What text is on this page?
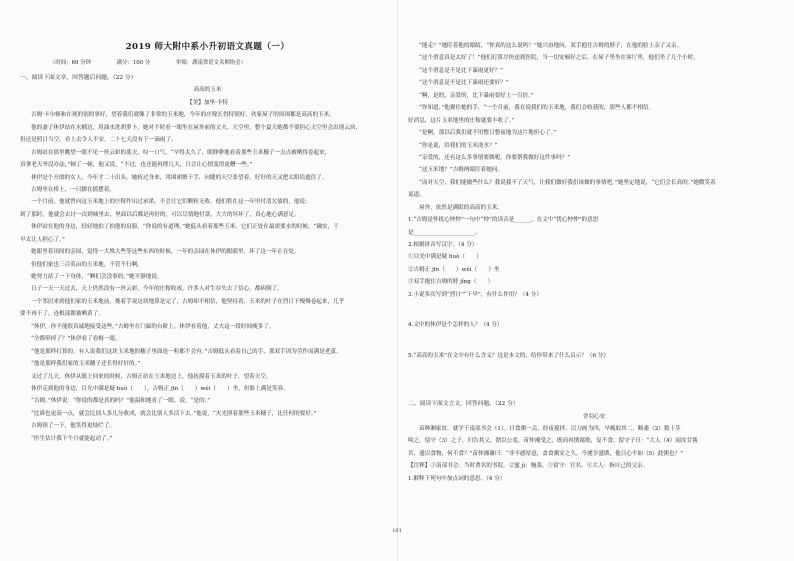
2019 师大附中系小升初语文真题（一）
（时间：60 分钟	满分：100 分	审阅：湖南省语文名师协会）
一、阅读下面文章，回答题后问题。（22 分）
高高的玉米
【美】加里·卡特
吉姆·卡尔顿和在现的别的事好，望着我们就像了非常的玉米地，今年的庄稼长得特别好，伙家屋子的周围都是高高的玉米。
他的妻子休伊站在水桶边，用油水洗胡萝卜。她对不时看一眼坐在屋外前的丈夫。天空里，整个夏天她都不要担心天空里会出现云块，
但还是照日当空，看上去令人不安。二十七天没有下一滴雨了。
吉姆站在那里眺望一眼不见一丝云彩的蓝天，叹一口气，“早得太久了，眼睁睁地看着那些玉米穗子一点点被晒得卷起来，
真拿老天爷没办法，”顿了一顿，他又说，“不过，也还能再撑几天，只会让心情变得更糟一些。”
休伊是个开朗的女人，今年才二十出头，她转过身来，用围裙擦干手，向缝的天空张望着，好好的天又把太阳给遮住了。
吉姆坐在桥上，一只脚在摇摆着。
一个月前，他就曾向这玉米地上的庄稼作出过承诺，不会让它们颗粒无收。他们将在这一年里付清欠债的，他说：
到了那时，他就会去讨一次到城里去，里面以后都是再好的，可以尽情地付款，大大的坏坏了，真心地心满意足。
休伊站在他的身边，轻轻地拍了拍他的肩膀，“你说的有道理。”她低头看着那些玉米，它们正处在最需要水的时候，“确实，干
早太让人担心了。”
她眼里着田间的亲园，觉得一大堆大些等这些东西的时候，一年的亲园在休伊的眼睛里，坏了这一年正在处。
但他们家也三百英亩的玉米地，不管不行啊。
她努力站了一下身体，“啊们会没事的。”她平静地说。
日子一天一天过去，天上仍然没有一丝云彩，今年的庄稼收成，许多人对生存失去了信心，都病倒了。
一个邻居来到他们家的玉米地前，挽着手说这块地算是完了，吉姆却不相信，他坚持着，玉米的叶子在烈日下慢慢卷起来，几乎
要不再干了，连根部都被晒黄了。
“休伊，你不能很真诚地接受这些。”吉姆坐在门廊的台阶上，休伊看着他，丈夫这一段时间瘦多了。
“全都晕掉了？”休伊看了看姆一眼。
“他是那样打算的，有人说我们这块玉米地的穗子里面连一粒都不会有。”吉姆低头看着自己的手，那双手因为劳作而满是老茧。
“他是那样我们家的玉米穗子还长得好好的。”
又过了几天，休伊从镇上回来的时候，吉姆正站在玉米地边上，他抚摸着玉米的叶子，望着天空。
休伊走到他的身边，目光中满是疑 huò（　　），吉姆正 jīn（　　）wéi（　　）坐，但脸上满是笑容。
“吉姆，”休伊说：“你说的都是真的吗？”他温和地看了一眼，说，“是的。”
“比谁也更高一点，就会比别人多几分收成，就会比别人多活下去。”他说，“火光照着那些玉米穗子，比任何的要好。”
吉姆领了一下，他笑得更灿烂了。
“医生估计我下个月就能起动了。”
“能走？”她盯着他的眼睛，“你真的这么说吗？”她兴奋地问，双手抱住吉姆的脖子，在他的脸上亲了又亲。
“这个消息真是太好了！”他们打算尽快送到医院，当一切安顿好之后，在屋子里坐在客厅里，他们坐了几个小时。
“这个消息是不是比下暴雨更好？”
“这个消息是不是比下暴雨还要好？”
“啊，是的，亲爱的，比下暴雨要好上一百倍。”
“你知道，”他握住她的手，“一个月前，我在说我们的玉米地，我们会收获的，那些人都不相信。
好消息，这片玉米地里的庄稼就要丰收了。”
“是啊，那以后我们就不用整日整夜地为这片地担心了。”
“你是说，给我们的玉米浇水？”
“亲爱的，还有这么多事情要做呢，你要帮我做好这件事吗？”
“这玉米地？”吉姆两眼盯着她问。
“而对天空，我们能做些什么？我说我不了天气，让我们做好我们该做的事情吧。”她坚定地说，“它们会长高的。”她微笑着
说道。
屋外，依然是满眼的高高的玉米。
1.“吉姆是怀扰心忡忡”一句中“忡”的读音是______，在文中“忧心忡忡”的意思
是______________________。
2.根据拼音写汉字。（4 分）
①目光中满是疑 huò（　　）
②吉姆正 jīn（　　）wéi（　　）坐
③双手抱住吉姆的脖 jǐng（　　）
3.小说多次写到“烈日”“干旱”，有什么作用？（4 分）
4.文中的休伊是个怎样的人？（4 分）
5.“高高的玉米”在文中有什么含义？这是本文的，给你带来了什么启示？（6 分）
二、阅读下面文言文，回答问题。（22 分）
舍羽心安
苗种湘家贫，就学于南部书会（1）。日食粥一盂，经夜搅拌，以刀画为四，早晚取其二，断齑（2）数十茎
啖之。留守（3）之子，归告其父，馈以公羞，苗仲湘受之，既而再馈腐败，复不食。留守子曰：“大人（4）闻汝甘酱
苦，遗以食物，何不食？”苗仲湘谢曰：“非不感厚意，盖食粥安之久，今遽享盛馔，他日心不如（5）此粥也？”
【注释】①南部书会：当时著名的书院。②蜜 jì：腌菜。③留守：官名。④大人：指自己的父亲。
1.解释下列句中加点词的意思。（4 分）
101
